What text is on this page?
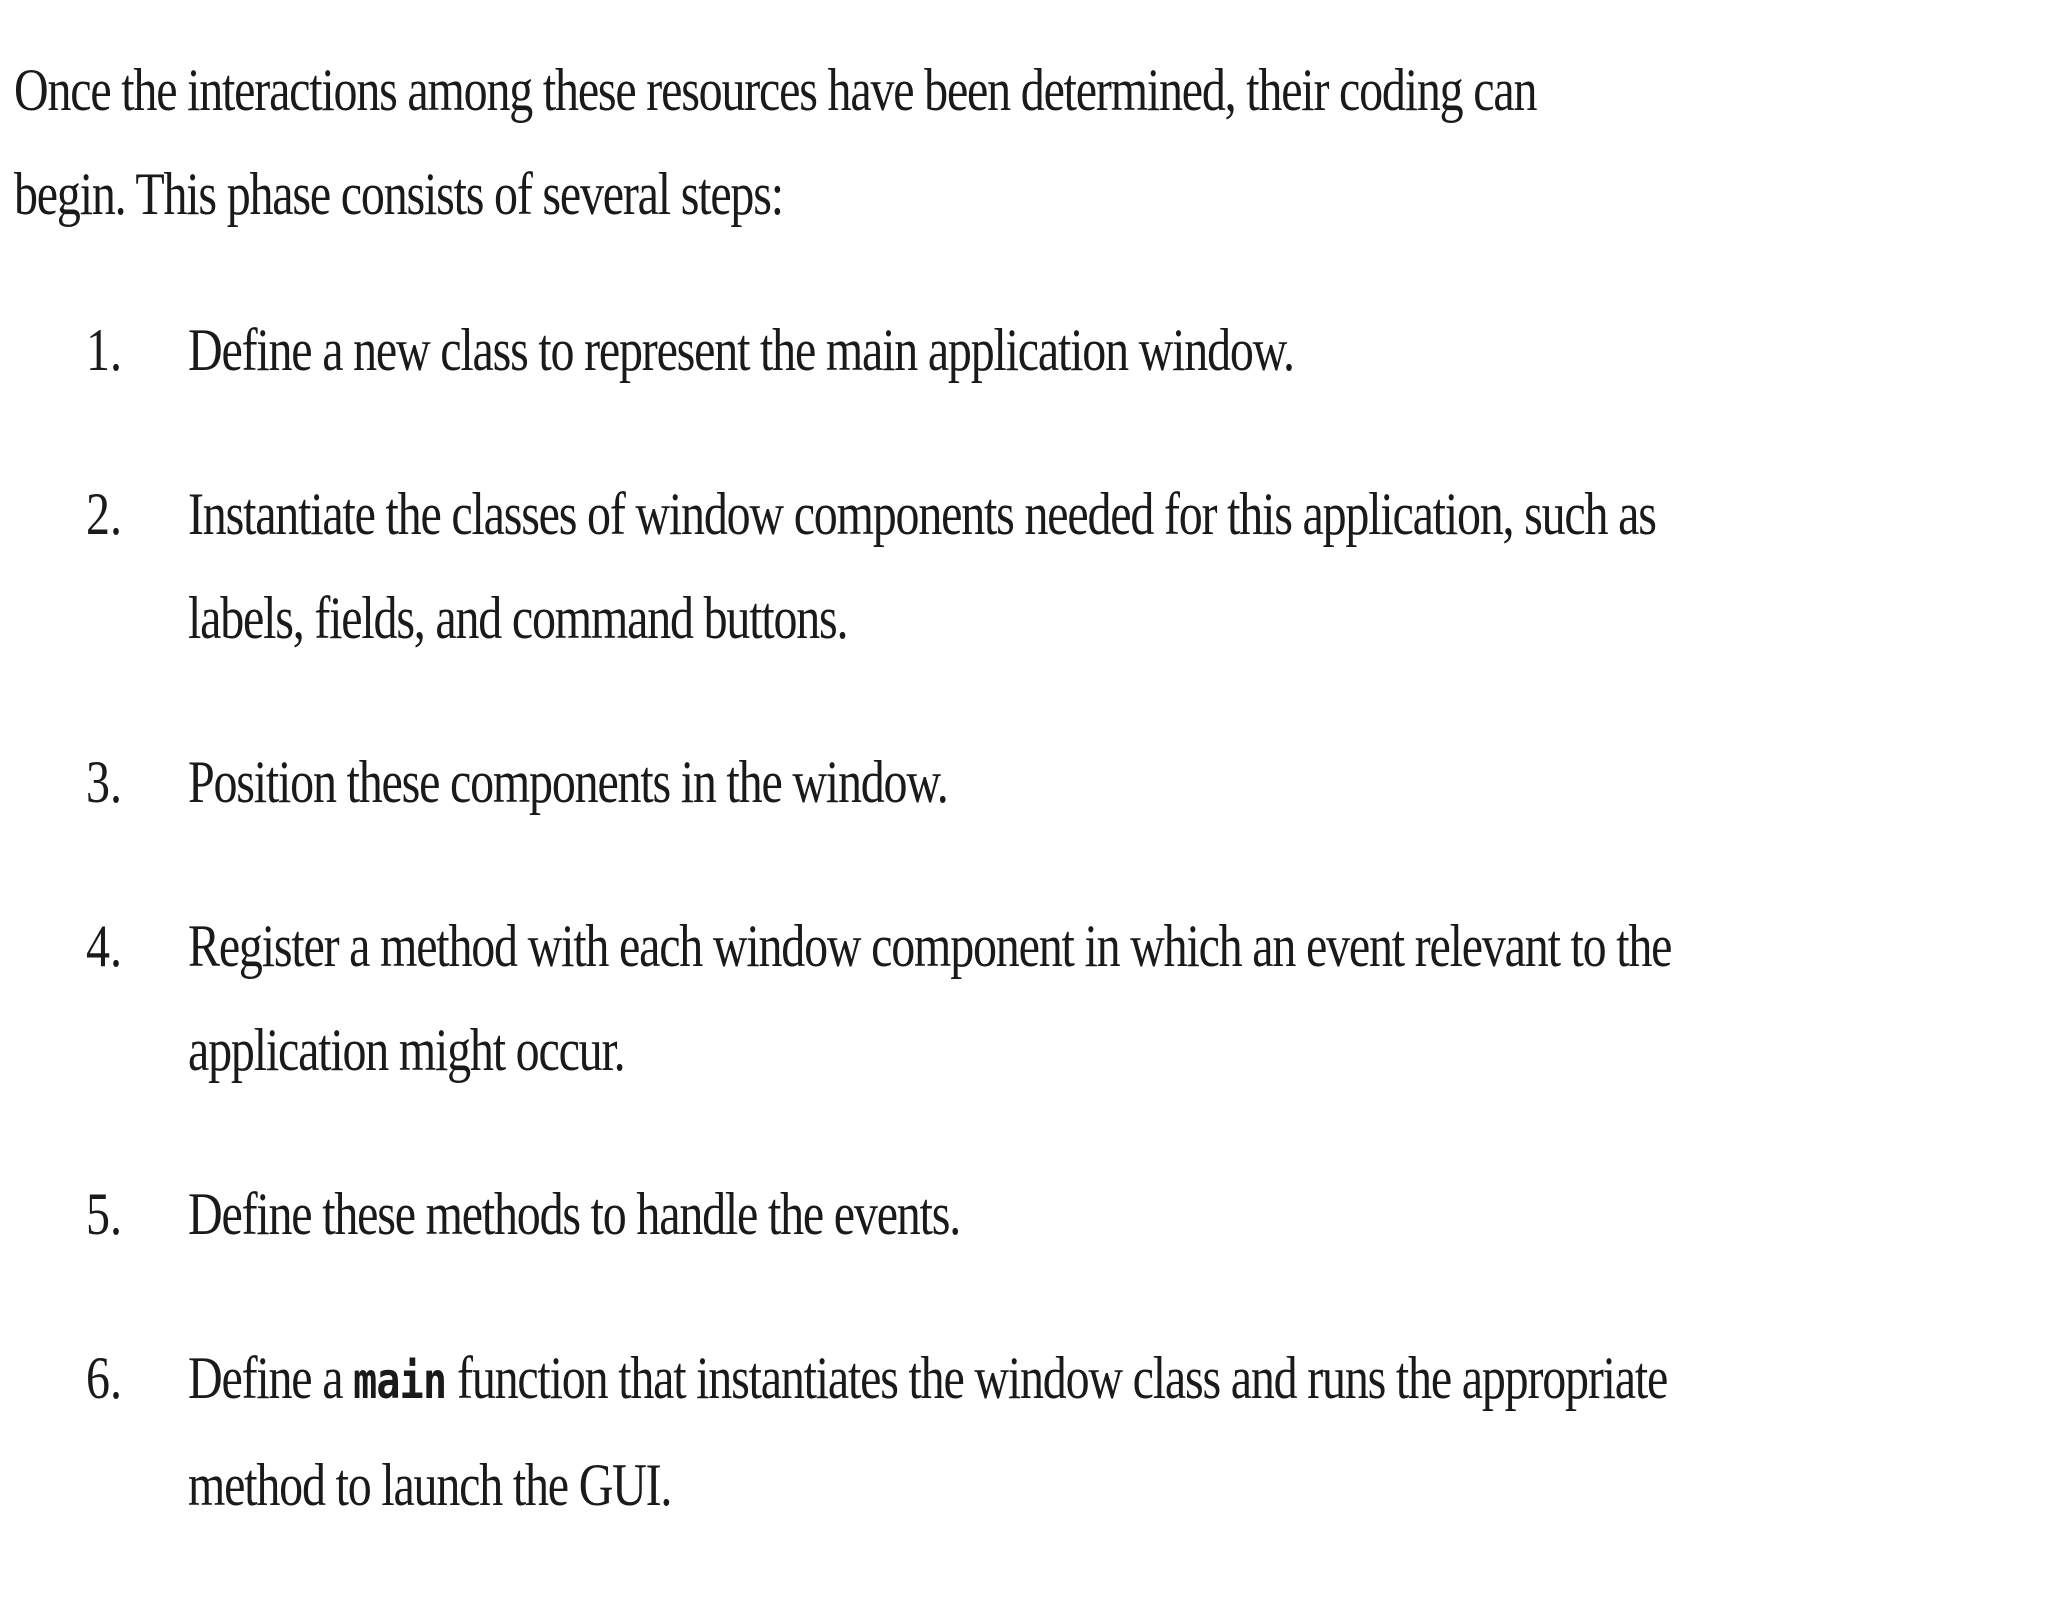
Once the interactions among these resources have been determined, their coding can
begin. This phase consists of several steps:

1. Define a new class to represent the main application window.
2. Instantiate the classes of window components needed for this application, such as
labels, fields, and command buttons.
3. Position these components in the window.
4. Register a method with each window component in which an event relevant to the
application might occur.
5. Define these methods to handle the events.
6. Define a main function that instantiates the window class and runs the appropriate
method to launch the GUI.
